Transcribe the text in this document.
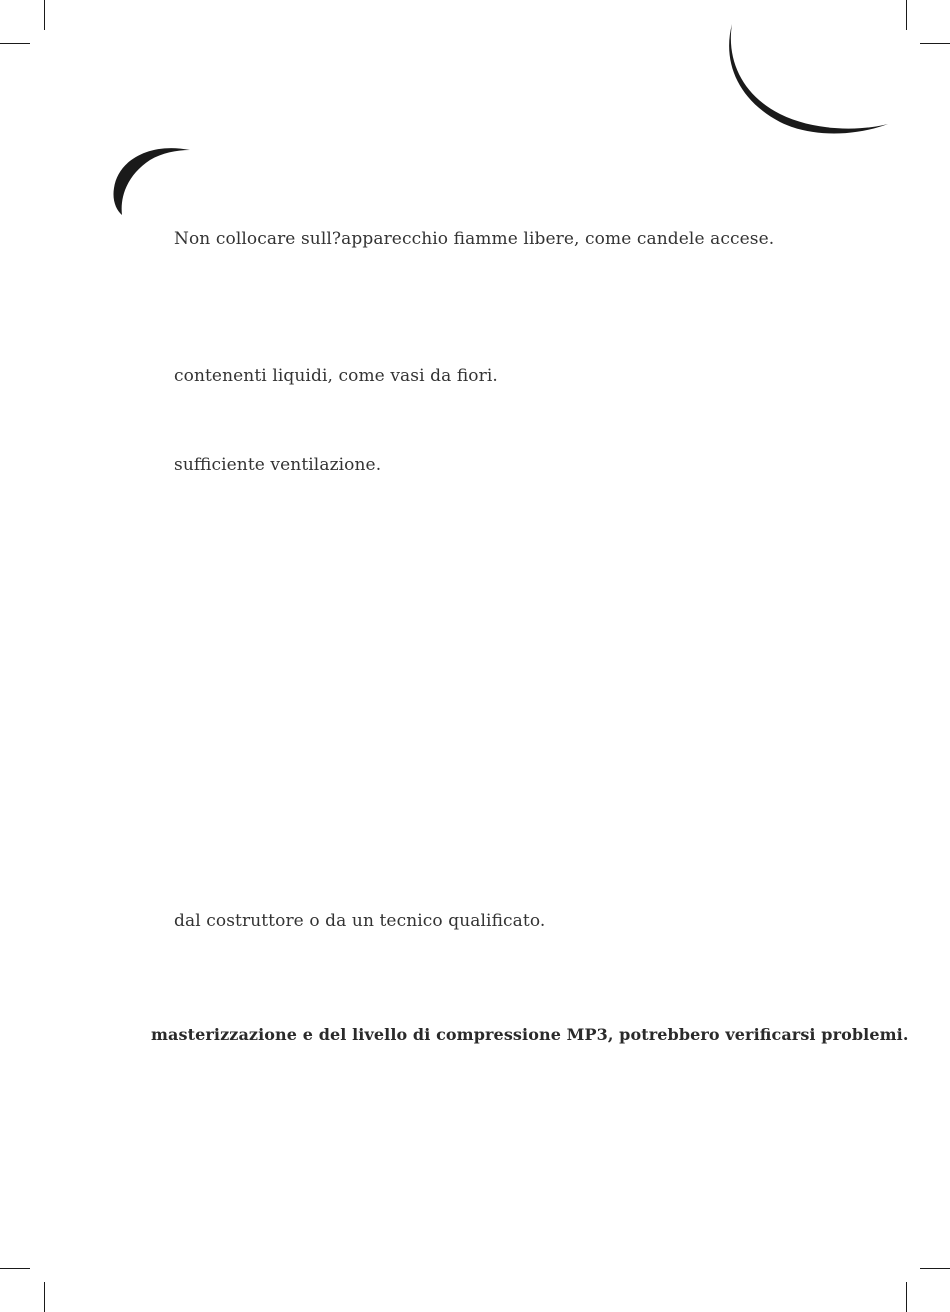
Non collocare sull?apparecchio ﬁamme libere, come candele accese.
contenenti liquidi, come vasi da ﬁori.
suﬃciente ventilazione.
dal costruttore o da un tecnico qualiﬁcato.
masterizzazione e del livello di compressione MP3, potrebbero veriﬁcarsi problemi.
